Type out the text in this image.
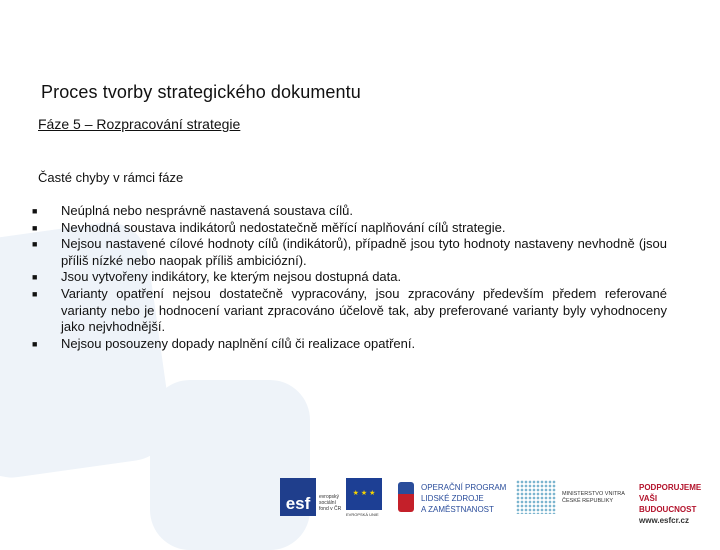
Proces tvorby strategického dokumentu
Fáze 5 – Rozpracování strategie
Časté chyby v rámci fáze
■ Neúplná nebo nesprávně nastavená soustava cílů.
■ Nevhodná soustava indikátorů nedostatečně měřící naplňování cílů strategie.
■ Nejsou nastavené cílové hodnoty cílů (indikátorů), případně jsou tyto hodnoty nastaveny nevhodně (jsou příliš nízké nebo naopak příliš ambiciózní).
■ Jsou vytvořeny indikátory, ke kterým nejsou dostupná data.
■ Varianty opatření nejsou dostatečně vypracovány, jsou zpracovány především předem referované varianty nebo je hodnocení variant zpracováno účelově tak, aby preferované varianty byly vyhodnoceny jako nejvhodnější.
■ Nejsou posouzeny dopady naplnění cílů či realizace opatření.
esf	evropský sociální fond v ČR
★ ★ ★
EVROPSKÁ UNIE
OPERAČNÍ PROGRAM
LIDSKÉ ZDROJE
A ZAMĚSTNANOST
MINISTERSTVO VNITRA
ČESKÉ REPUBLIKY
PODPORUJEME
VAŠI BUDOUCNOST
www.esfcr.cz
